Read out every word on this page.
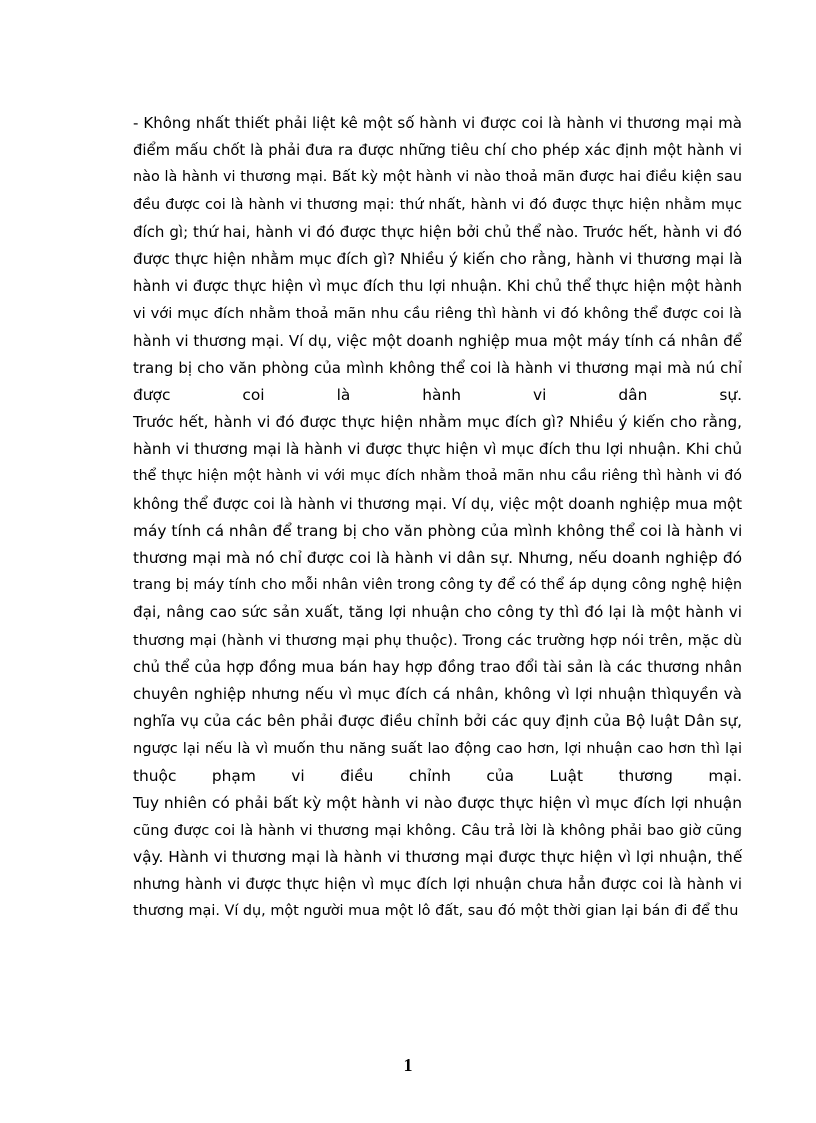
- Không nhất thiết phải liệt kê một số hành vi được coi là hành vi thương mại mà
điểm mấu chốt là phải đưa ra được những tiêu chí cho phép xác định một hành vi
nào là hành vi thương mại. Bất kỳ một hành vi nào thoả mãn được hai điều kiện sau
đều được coi là hành vi thương mại: thứ nhất, hành vi đó được thực hiện nhằm mục
đích gì; thứ hai, hành vi đó được thực hiện bởi chủ thể nào. Trước hết, hành vi đó
được thực hiện nhằm mục đích gì? Nhiều ý kiến cho rằng, hành vi thương mại là
hành vi được thực hiện vì mục đích thu lợi nhuận. Khi chủ thể thực hiện một hành
vi với mục đích nhằm thoả mãn nhu cầu riêng thì hành vi đó không thể được coi là
hành vi thương mại. Ví dụ, việc một doanh nghiệp mua một máy tính cá nhân để
trang bị cho văn phòng của mình không thể coi là hành vi thương mại mà nú chỉ
được coi là hành vi dân sự.
Trước hết, hành vi đó được thực hiện nhằm mục đích gì? Nhiều ý kiến cho rằng,
hành vi thương mại là hành vi được thực hiện vì mục đích thu lợi nhuận. Khi chủ
thể thực hiện một hành vi với mục đích nhằm thoả mãn nhu cầu riêng thì hành vi đó
không thể được coi là hành vi thương mại. Ví dụ, việc một doanh nghiệp mua một
máy tính cá nhân để trang bị cho văn phòng của mình không thể coi là hành vi
thương mại mà nó chỉ được coi là hành vi dân sự. Nhưng, nếu doanh nghiệp đó
trang bị máy tính cho mỗi nhân viên trong công ty để có thể áp dụng công nghệ hiện
đại, nâng cao sức sản xuất, tăng lợi nhuận cho công ty thì đó lại là một hành vi
thương mại (hành vi thương mại phụ thuộc). Trong các trường hợp nói trên, mặc dù
chủ thể của hợp đồng mua bán hay hợp đồng trao đổi tài sản là các thương nhân
chuyên nghiệp nhưng nếu vì mục đích cá nhân, không vì lợi nhuận thìquyền và
nghĩa vụ của các bên phải được điều chỉnh bởi các quy định của Bộ luật Dân sự,
ngược lại nếu là vì muốn thu năng suất lao động cao hơn, lợi nhuận cao hơn thì lại
thuộc phạm vi điều chỉnh của Luật thương mại.
Tuy nhiên có phải bất kỳ một hành vi nào được thực hiện vì mục đích lợi nhuận
cũng được coi là hành vi thương mại không. Câu trả lời là không phải bao giờ cũng
vậy. Hành vi thương mại là hành vi thương mại được thực hiện vì lợi nhuận, thế
nhưng hành vi được thực hiện vì mục đích lợi nhuận chưa hẳn được coi là hành vi
thương mại. Ví dụ, một người mua một lô đất, sau đó một thời gian lại bán đi để thu
1
